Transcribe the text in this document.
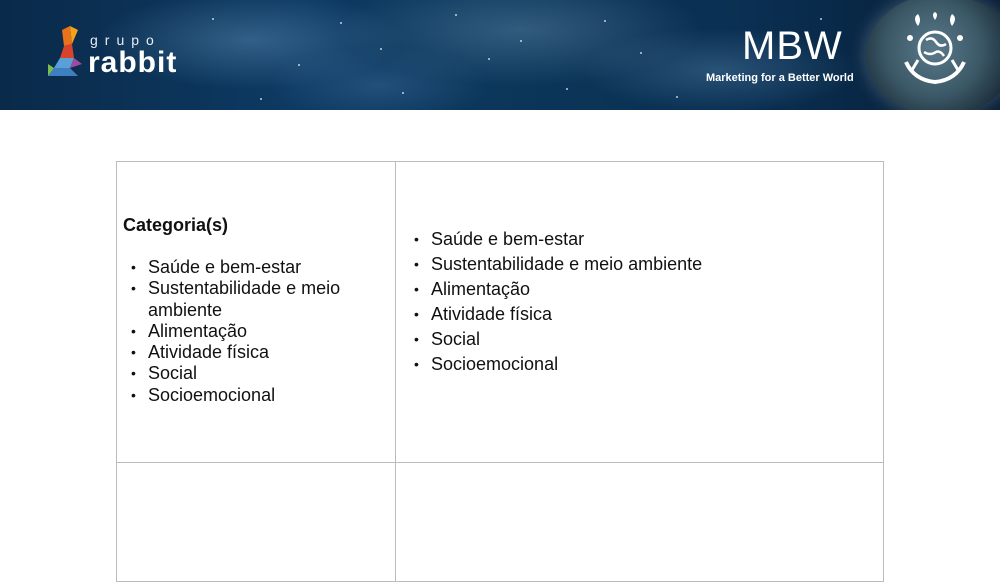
grupo
rabbit	MBW
Marketing for a Better World
Categoria(s)
• Saúde e bem-estar
• Sustentabilidade e meio ambiente
• Alimentação
• Atividade física
• Social
• Socioemocional
• Saúde e bem-estar
• Sustentabilidade e meio ambiente
• Alimentação
• Atividade física
• Social
• Socioemocional
